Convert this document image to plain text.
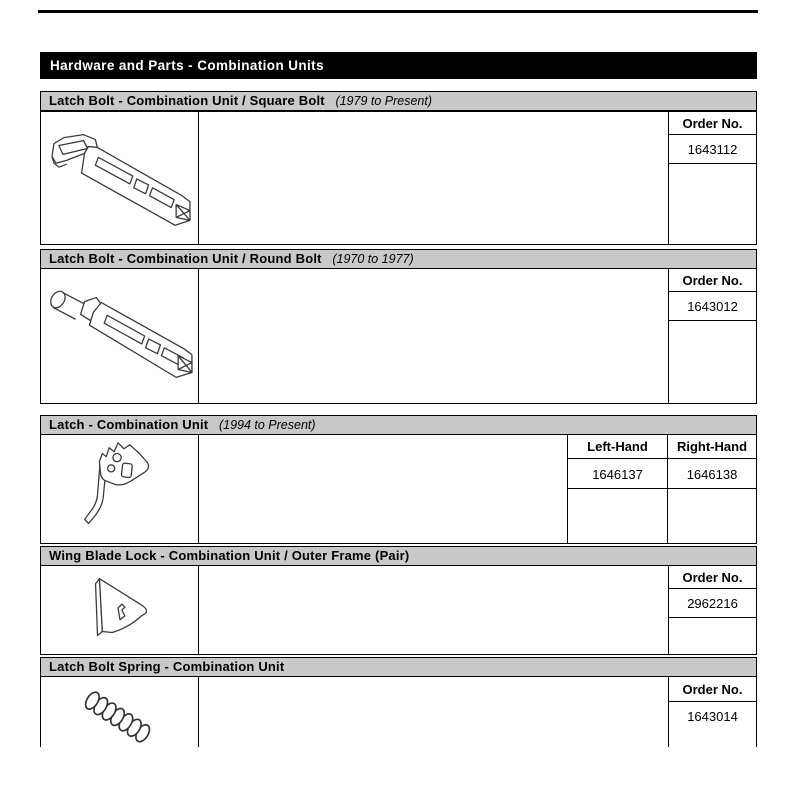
Hardware and Parts - Combination Units
Latch Bolt - Combination Unit / Square Bolt (1979 to Present)
Order No.
1643112
Latch Bolt - Combination Unit / Round Bolt (1970 to 1977)
Order No.
1643012
Latch - Combination Unit (1994 to Present)
Left-Hand	Right-Hand
1646137	1646138
Wing Blade Lock - Combination Unit / Outer Frame (Pair)
Order No.
2962216
Latch Bolt Spring - Combination Unit
Order No.
1643014
